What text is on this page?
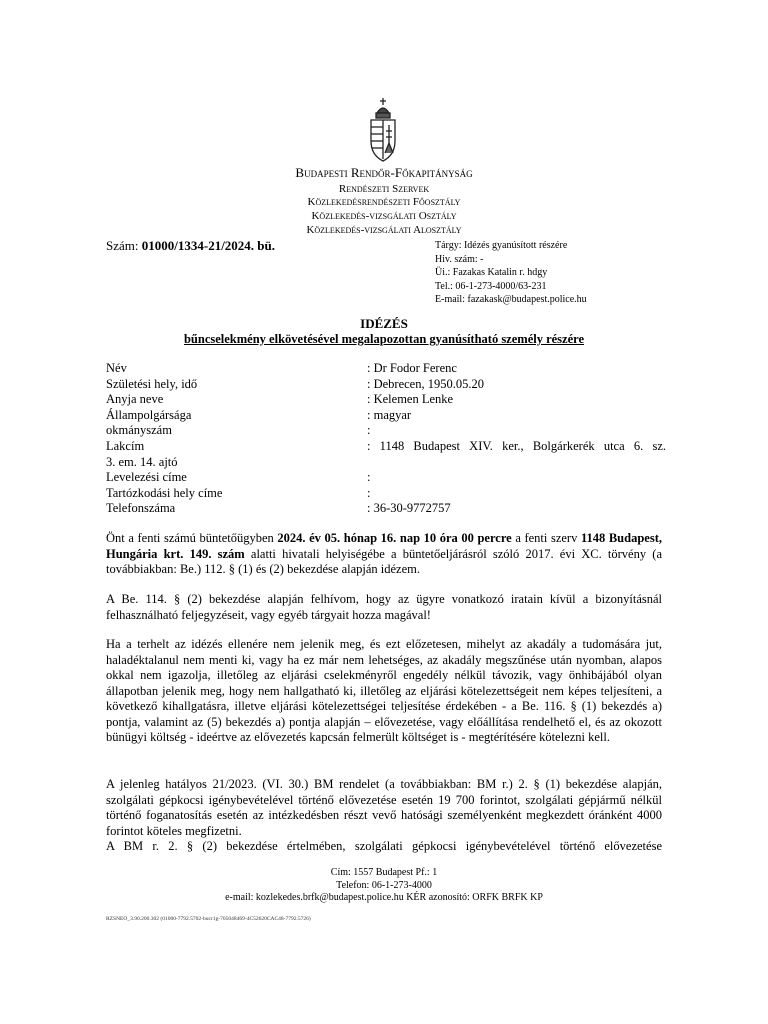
Budapesti Rendőr-Főkapitányság
Rendészeti Szervek
Közlekedésrendészeti Főosztály
Közlekedés-vizsgálati Osztály
Közlekedés-vizsgálati Alosztály
Szám: 01000/1334-21/2024. bü.	Tárgy: Idézés gyanúsított részére
Hiv. szám: -
Üi.: Fazakas Katalin r. hdgy
Tel.: 06-1-273-4000/63-231
E-mail: fazakask@budapest.police.hu
IDÉZÉS
bűncselekmény elkövetésével megalapozottan gyanúsítható személy részére
Név	: Dr Fodor Ferenc
Születési hely, idő	: Debrecen, 1950.05.20
Anyja neve	: Kelemen Lenke
Állampolgársága	: magyar
okmányszám	:
Lakcím	: 1148 Budapest XIV. ker., Bolgárkerék utca 6. sz.
3. em. 14. ajtó
Levelezési címe	:
Tartózkodási hely címe	:
Telefonszáma	: 36-30-9772757
Önt a fenti számú büntetőügyben 2024. év 05. hónap 16. nap 10 óra 00 percre a fenti szerv 1148 Budapest, Hungária krt. 149. szám alatti hivatali helyiségébe a büntetőeljárásról szóló 2017. évi XC. törvény (a továbbiakban: Be.) 112. § (1) és (2) bekezdése alapján idézem.
A Be. 114. § (2) bekezdése alapján felhívom, hogy az ügyre vonatkozó iratain kívül a bizonyításnál felhasználható feljegyzéseit, vagy egyéb tárgyait hozza magával!
Ha a terhelt az idézés ellenére nem jelenik meg, és ezt előzetesen, mihelyt az akadály a tudomására jut, haladéktalanul nem menti ki, vagy ha ez már nem lehetséges, az akadály megszűnése után nyomban, alapos okkal nem igazolja, illetőleg az eljárási cselekményről engedély nélkül távozik, vagy önhibájából olyan állapotban jelenik meg, hogy nem hallgatható ki, illetőleg az eljárási kötelezettségeit nem képes teljesíteni, a következő kihallgatásra, illetve eljárási kötelezettségei teljesítése érdekében - a Be. 116. § (1) bekezdés a) pontja, valamint az (5) bekezdés a) pontja alapján – elővezetése, vagy előállítása rendelhető el, és az okozott bünügyi költség - ideértve az elővezetés kapcsán felmerült költséget is - megtérítésére kötelezni kell.
A jelenleg hatályos 21/2023. (VI. 30.) BM rendelet (a továbbiakban: BM r.) 2. § (1) bekezdése alapján, szolgálati gépkocsi igénybevételével történő elővezetése esetén 19 700 forintot, szolgálati gépjármű nélkül történő foganatosítás esetén az intézkedésben részt vevő hatósági személyenként megkezdett óránként 4000 forintot köteles megfizetni.
A BM r. 2. § (2) bekezdése értelmében, szolgálati gépkocsi igénybevételével történő elővezetése
Cím: 1557 Budapest Pf.: 1
Telefon: 06-1-273-4000
e-mail: kozlekedes.brfk@budapest.police.hu KÉR azonosító: ORFK BRFK KP
RZSNEO_3.90.200.302 (01000-7792.5702-bucr1g-705048469-4C52620CAC48-7792.5726)
